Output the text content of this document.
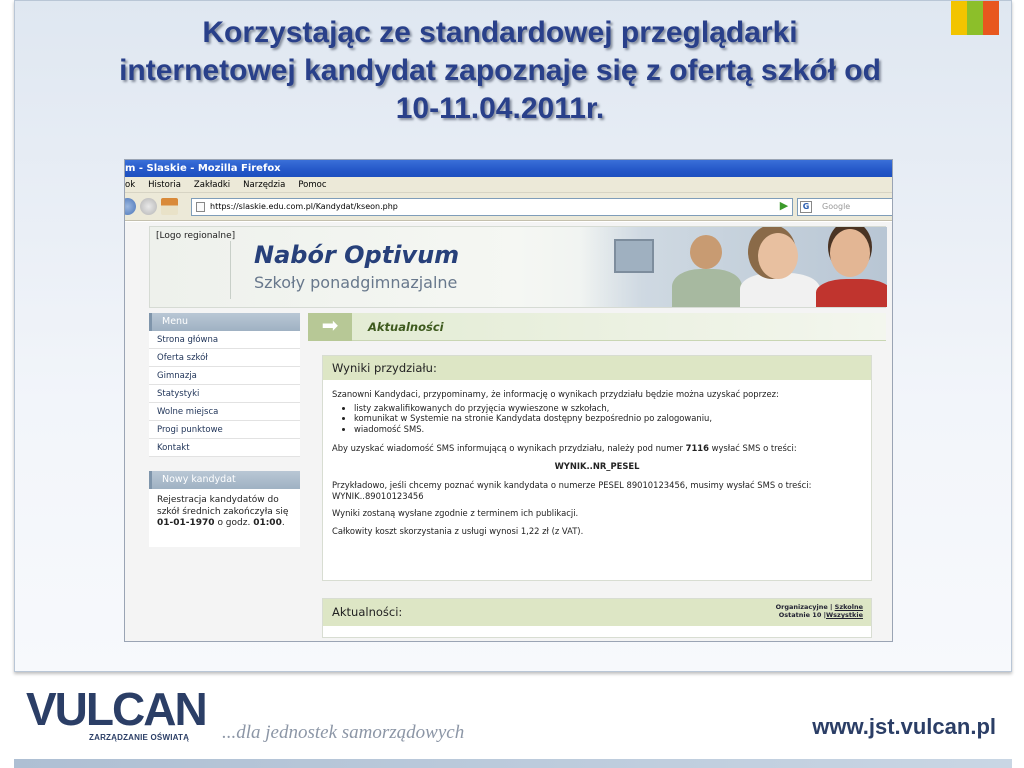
Korzystając ze standardowej przeglądarki
internetowej kandydat zapoznaje się z ofertą szkół od
10-11.04.2011r.
m - Slaskie - Mozilla Firefox
ok Historia Zakładki Narzędzia Pomoc
https://slaskie.edu.com.pl/Kandydat/kseon.php	▶	G	Google
[Logo regionalne]
Nabór Optivum
Szkoły ponadgimnazjalne
Menu
Strona główna
Oferta szkół
Gimnazja
Statystyki
Wolne miejsca
Progi punktowe
Kontakt
Nowy kandydat
Rejestracja kandydatów do szkół średnich zakończyła się 01-01-1970 o godz. 01:00.
➡	Aktualności
Wyniki przydziału:

Szanowni Kandydaci, przypominamy, że informację o wynikach przydziału będzie można uzyskać poprzez:

• listy zakwalifikowanych do przyjęcia wywieszone w szkołach,
• komunikat w Systemie na stronie Kandydata dostępny bezpośrednio po zalogowaniu,
• wiadomość SMS.

Aby uzyskać wiadomość SMS informującą o wynikach przydziału, należy pod numer 7116 wysłać SMS o treści:

WYNIK..NR_PESEL

Przykładowo, jeśli chcemy poznać wynik kandydata o numerze PESEL 89010123456, musimy wysłać SMS o treści: WYNIK..89010123456

Wyniki zostaną wysłane zgodnie z terminem ich publikacji.

Całkowity koszt skorzystania z usługi wynosi 1,22 zł (z VAT).

Aktualności:	Organizacyjne | Szkolne
Ostatnie 10 |Wszystkie
VULCAN
ZARZĄDZANIE OŚWIATĄ ...dla jednostek samorządowych	www.jst.vulcan.pl
